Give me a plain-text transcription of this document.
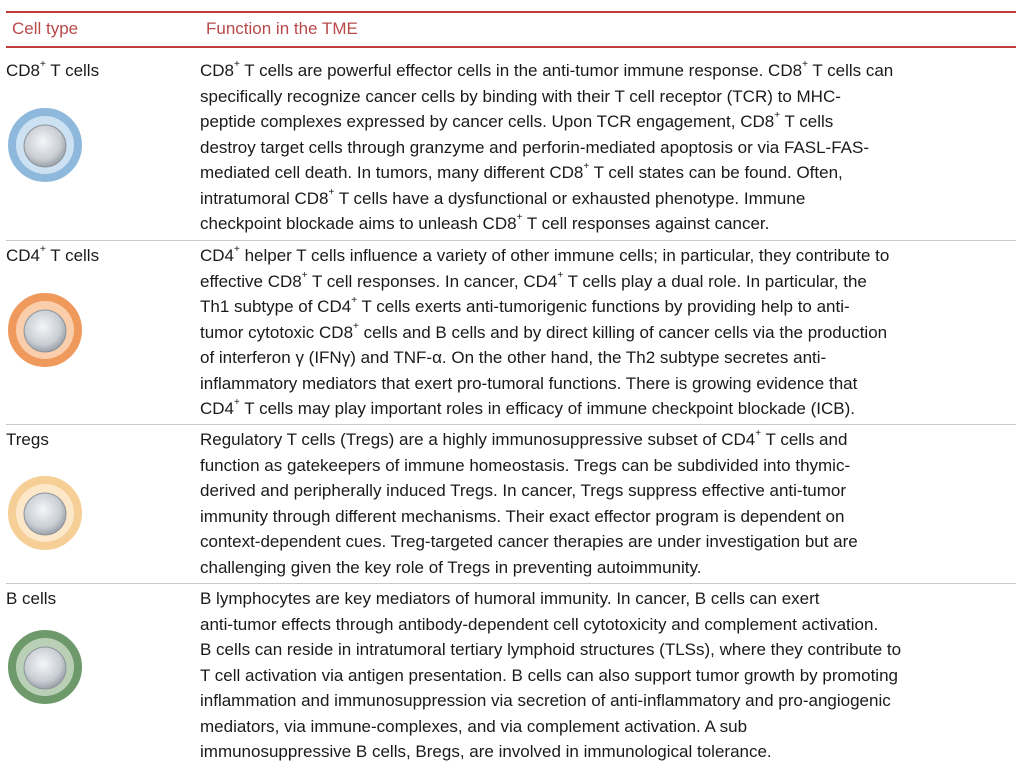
Cell type	Function in the TME
CD8+ T cells	CD8+ T cells are powerful effector cells in the anti-tumor immune response. CD8+ T cells can
specifically recognize cancer cells by binding with their T cell receptor (TCR) to MHC-
peptide complexes expressed by cancer cells. Upon TCR engagement, CD8+ T cells
destroy target cells through granzyme and perforin-mediated apoptosis or via FASL-FAS-
mediated cell death. In tumors, many different CD8+ T cell states can be found. Often,
intratumoral CD8+ T cells have a dysfunctional or exhausted phenotype. Immune
checkpoint blockade aims to unleash CD8+ T cell responses against cancer.
CD4+ T cells	CD4+ helper T cells influence a variety of other immune cells; in particular, they contribute to
effective CD8+ T cell responses. In cancer, CD4+ T cells play a dual role. In particular, the
Th1 subtype of CD4+ T cells exerts anti-tumorigenic functions by providing help to anti-
tumor cytotoxic CD8+ cells and B cells and by direct killing of cancer cells via the production
of interferon γ (IFNγ) and TNF-α. On the other hand, the Th2 subtype secretes anti-
inflammatory mediators that exert pro-tumoral functions. There is growing evidence that
CD4+ T cells may play important roles in efficacy of immune checkpoint blockade (ICB).
Tregs	Regulatory T cells (Tregs) are a highly immunosuppressive subset of CD4+ T cells and
function as gatekeepers of immune homeostasis. Tregs can be subdivided into thymic-
derived and peripherally induced Tregs. In cancer, Tregs suppress effective anti-tumor
immunity through different mechanisms. Their exact effector program is dependent on
context-dependent cues. Treg-targeted cancer therapies are under investigation but are
challenging given the key role of Tregs in preventing autoimmunity.
B cells	B lymphocytes are key mediators of humoral immunity. In cancer, B cells can exert
anti-tumor effects through antibody-dependent cell cytotoxicity and complement activation.
B cells can reside in intratumoral tertiary lymphoid structures (TLSs), where they contribute to
T cell activation via antigen presentation. B cells can also support tumor growth by promoting
inflammation and immunosuppression via secretion of anti-inflammatory and pro-angiogenic
mediators, via immune-complexes, and via complement activation. A sub
immunosuppressive B cells, Bregs, are involved in immunological tolerance.
